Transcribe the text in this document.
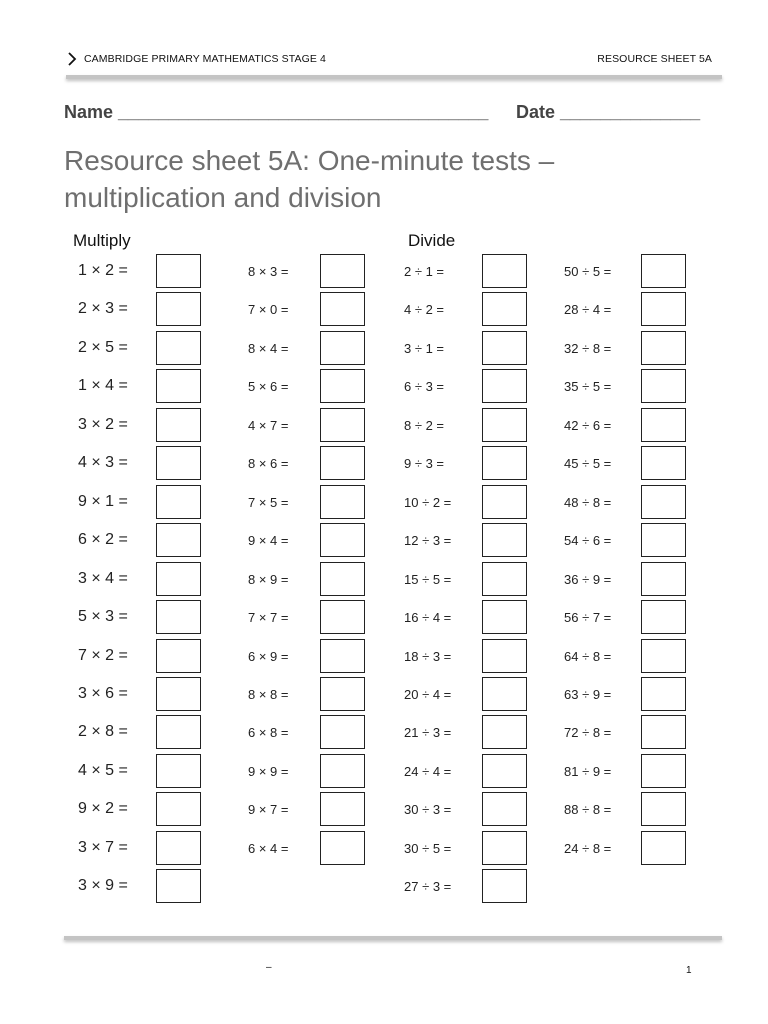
CAMBRIDGE PRIMARY MATHEMATICS STAGE 4	RESOURCE SHEET 5A
Name _____________________________________ Date ______________
Resource sheet 5A: One-minute tests –
multiplication and division
Multiply	Divide
1 × 2 =
2 × 3 =
2 × 5 =
1 × 4 =
3 × 2 =
4 × 3 =
9 × 1 =
6 × 2 =
3 × 4 =
5 × 3 =
7 × 2 =
3 × 6 =
2 × 8 =
4 × 5 =
9 × 2 =
3 × 7 =
3 × 9 =
8 × 3 =
7 × 0 =
8 × 4 =
5 × 6 =
4 × 7 =
8 × 6 =
7 × 5 =
9 × 4 =
8 × 9 =
7 × 7 =
6 × 9 =
8 × 8 =
6 × 8 =
9 × 9 =
9 × 7 =
6 × 4 =
2 ÷ 1 =
4 ÷ 2 =
3 ÷ 1 =
6 ÷ 3 =
8 ÷ 2 =
9 ÷ 3 =
10 ÷ 2 =
12 ÷ 3 =
15 ÷ 5 =
16 ÷ 4 =
18 ÷ 3 =
20 ÷ 4 =
21 ÷ 3 =
24 ÷ 4 =
30 ÷ 3 =
30 ÷ 5 =
27 ÷ 3 =
50 ÷ 5 =
28 ÷ 4 =
32 ÷ 8 =
35 ÷ 5 =
42 ÷ 6 =
45 ÷ 5 =
48 ÷ 8 =
54 ÷ 6 =
36 ÷ 9 =
56 ÷ 7 =
64 ÷ 8 =
63 ÷ 9 =
72 ÷ 8 =
81 ÷ 9 =
88 ÷ 8 =
24 ÷ 8 =
–	1
